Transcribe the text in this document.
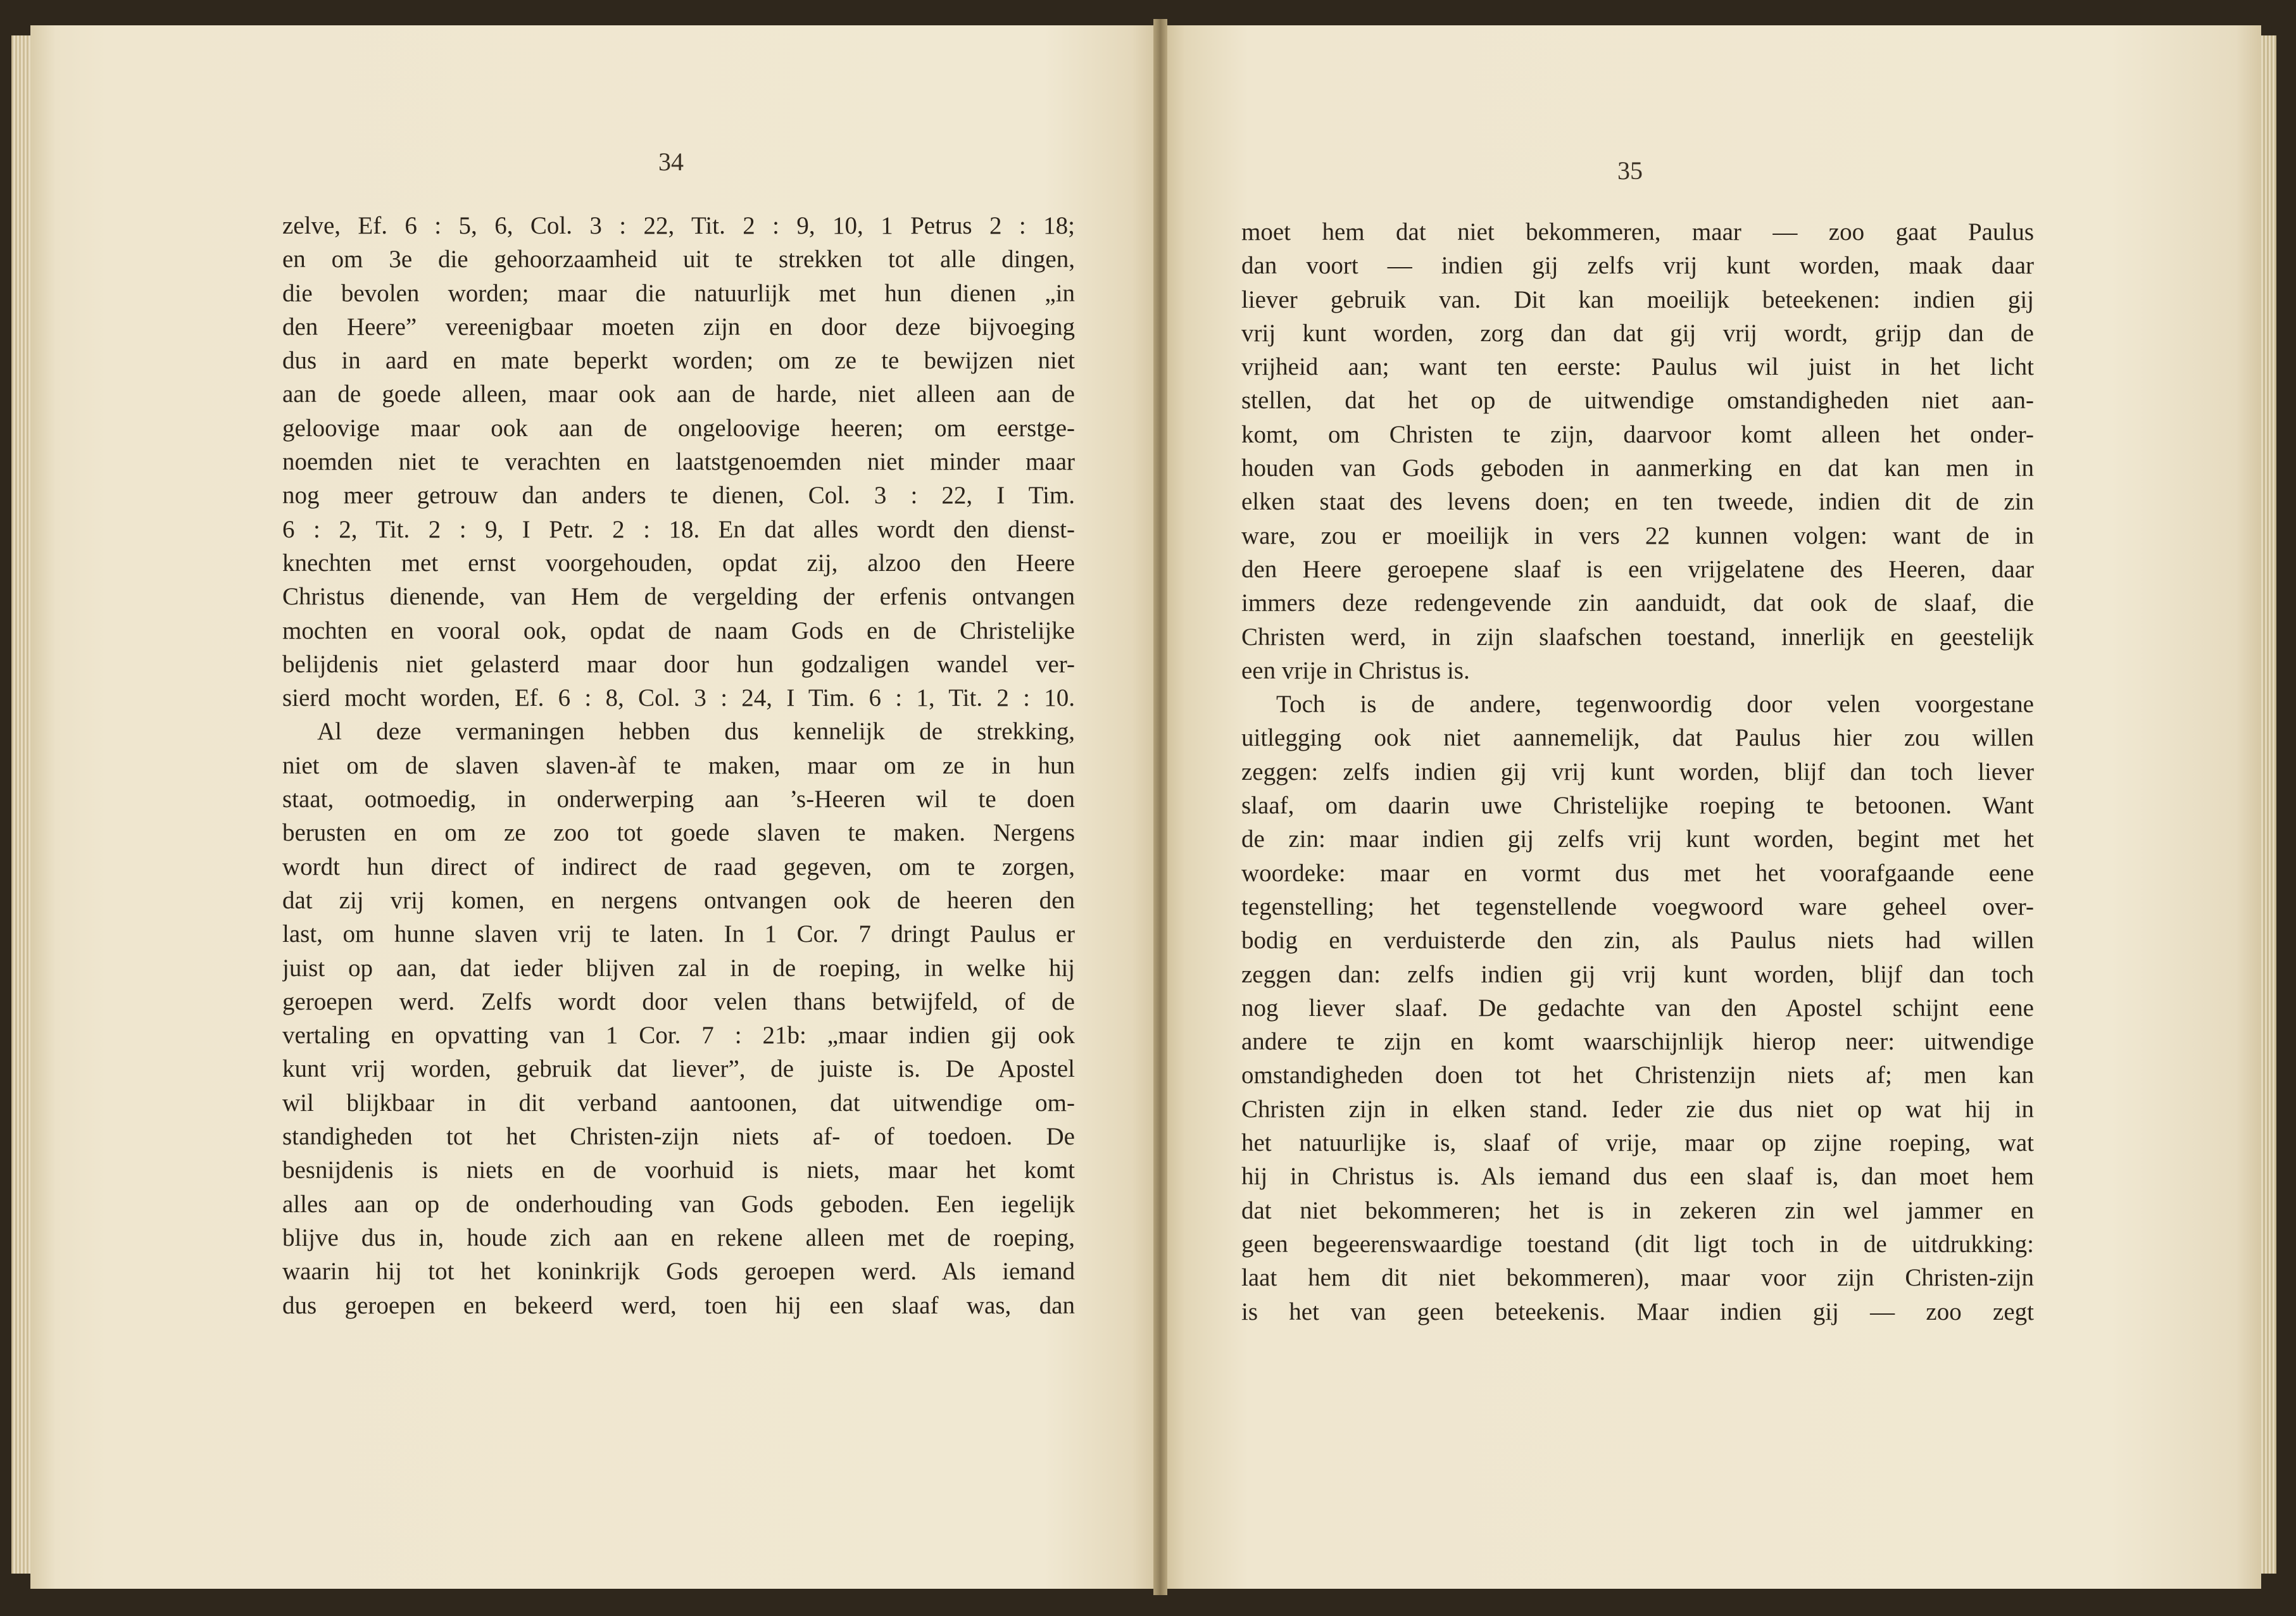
34	35
zelve, Ef. 6 : 5, 6, Col. 3 : 22, Tit. 2 : 9, 10, 1 Petrus 2 : 18;
en om 3e die gehoorzaamheid uit te strekken tot alle dingen,
die bevolen worden; maar die natuurlijk met hun dienen „in
den Heere” vereenigbaar moeten zijn en door deze bijvoeging
dus in aard en mate beperkt worden; om ze te bewijzen niet
aan de goede alleen, maar ook aan de harde, niet alleen aan de
geloovige maar ook aan de ongeloovige heeren; om eerstge-
noemden niet te verachten en laatstgenoemden niet minder maar
nog meer getrouw dan anders te dienen, Col. 3 : 22, I Tim.
6 : 2, Tit. 2 : 9, I Petr. 2 : 18. En dat alles wordt den dienst-
knechten met ernst voorgehouden, opdat zij, alzoo den Heere
Christus dienende, van Hem de vergelding der erfenis ontvangen
mochten en vooral ook, opdat de naam Gods en de Christelijke
belijdenis niet gelasterd maar door hun godzaligen wandel ver-
sierd mocht worden, Ef. 6 : 8, Col. 3 : 24, I Tim. 6 : 1, Tit. 2 : 10.
Al deze vermaningen hebben dus kennelijk de strekking,
niet om de slaven slaven-àf te maken, maar om ze in hun
staat, ootmoedig, in onderwerping aan ’s-Heeren wil te doen
berusten en om ze zoo tot goede slaven te maken. Nergens
wordt hun direct of indirect de raad gegeven, om te zorgen,
dat zij vrij komen, en nergens ontvangen ook de heeren den
last, om hunne slaven vrij te laten. In 1 Cor. 7 dringt Paulus er
juist op aan, dat ieder blijven zal in de roeping, in welke hij
geroepen werd. Zelfs wordt door velen thans betwijfeld, of de
vertaling en opvatting van 1 Cor. 7 : 21b: „maar indien gij ook
kunt vrij worden, gebruik dat liever”, de juiste is. De Apostel
wil blijkbaar in dit verband aantoonen, dat uitwendige om-
standigheden tot het Christen-zijn niets af- of toedoen. De
besnijdenis is niets en de voorhuid is niets, maar het komt
alles aan op de onderhouding van Gods geboden. Een iegelijk
blijve dus in, houde zich aan en rekene alleen met de roeping,
waarin hij tot het koninkrijk Gods geroepen werd. Als iemand
dus geroepen en bekeerd werd, toen hij een slaaf was, dan
moet hem dat niet bekommeren, maar — zoo gaat Paulus
dan voort — indien gij zelfs vrij kunt worden, maak daar
liever gebruik van. Dit kan moeilijk beteekenen: indien gij
vrij kunt worden, zorg dan dat gij vrij wordt, grijp dan de
vrijheid aan; want ten eerste: Paulus wil juist in het licht
stellen, dat het op de uitwendige omstandigheden niet aan-
komt, om Christen te zijn, daarvoor komt alleen het onder-
houden van Gods geboden in aanmerking en dat kan men in
elken staat des levens doen; en ten tweede, indien dit de zin
ware, zou er moeilijk in vers 22 kunnen volgen: want de in
den Heere geroepene slaaf is een vrijgelatene des Heeren, daar
immers deze redengevende zin aanduidt, dat ook de slaaf, die
Christen werd, in zijn slaafschen toestand, innerlijk en geestelijk
een vrije in Christus is.
Toch is de andere, tegenwoordig door velen voorgestane
uitlegging ook niet aannemelijk, dat Paulus hier zou willen
zeggen: zelfs indien gij vrij kunt worden, blijf dan toch liever
slaaf, om daarin uwe Christelijke roeping te betoonen. Want
de zin: maar indien gij zelfs vrij kunt worden, begint met het
woordeke: maar en vormt dus met het voorafgaande eene
tegenstelling; het tegenstellende voegwoord ware geheel over-
bodig en verduisterde den zin, als Paulus niets had willen
zeggen dan: zelfs indien gij vrij kunt worden, blijf dan toch
nog liever slaaf. De gedachte van den Apostel schijnt eene
andere te zijn en komt waarschijnlijk hierop neer: uitwendige
omstandigheden doen tot het Christenzijn niets af; men kan
Christen zijn in elken stand. Ieder zie dus niet op wat hij in
het natuurlijke is, slaaf of vrije, maar op zijne roeping, wat
hij in Christus is. Als iemand dus een slaaf is, dan moet hem
dat niet bekommeren; het is in zekeren zin wel jammer en
geen begeerenswaardige toestand (dit ligt toch in de uitdrukking:
laat hem dit niet bekommeren), maar voor zijn Christen-zijn
is het van geen beteekenis. Maar indien gij — zoo zegt
